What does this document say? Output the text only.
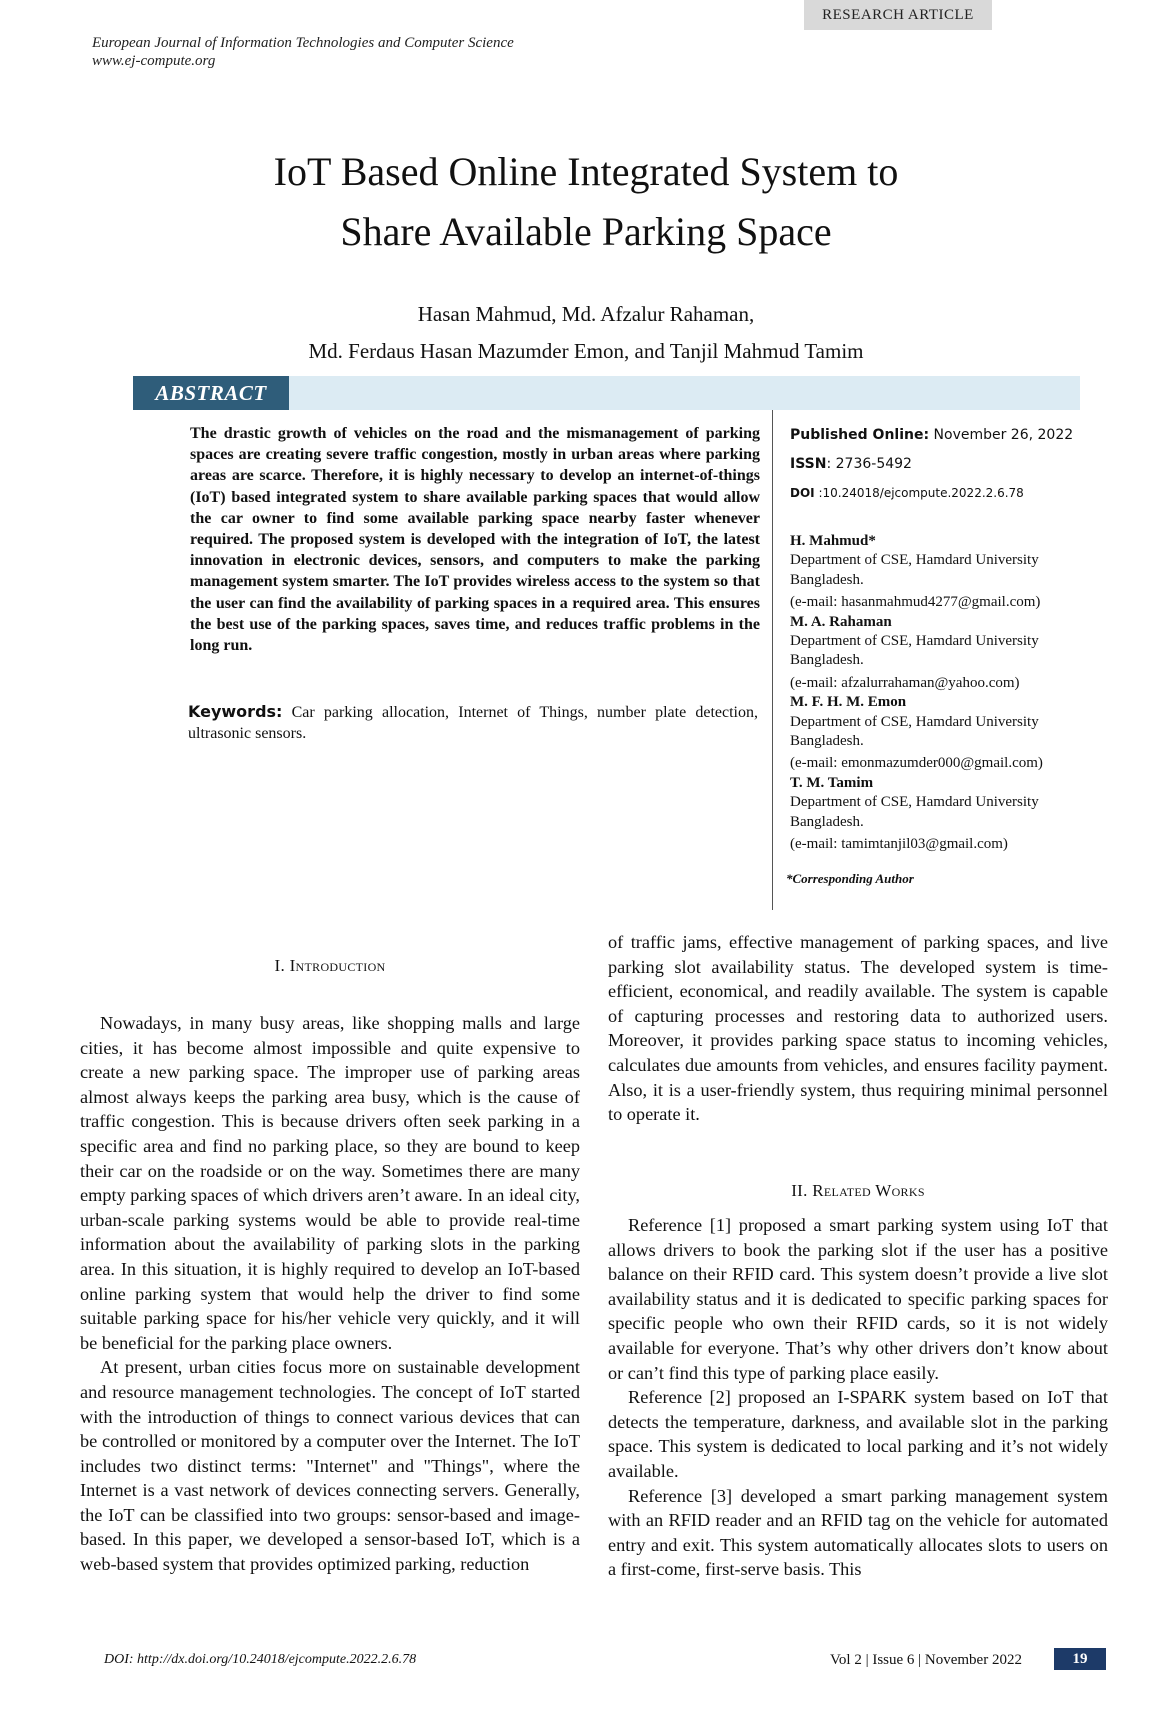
RESEARCH ARTICLE
European Journal of Information Technologies and Computer Science
www.ej-compute.org
IoT Based Online Integrated System to
Share Available Parking Space
Hasan Mahmud, Md. Afzalur Rahaman,
Md. Ferdaus Hasan Mazumder Emon, and Tanjil Mahmud Tamim
ABSTRACT
The drastic growth of vehicles on the road and the mismanagement of parking spaces are creating severe traffic congestion, mostly in urban areas where parking areas are scarce. Therefore, it is highly necessary to develop an internet-of-things (IoT) based integrated system to share available parking spaces that would allow the car owner to find some available parking space nearby faster whenever required. The proposed system is developed with the integration of IoT, the latest innovation in electronic devices, sensors, and computers to make the parking management system smarter. The IoT provides wireless access to the system so that the user can find the availability of parking spaces in a required area. This ensures the best use of the parking spaces, saves time, and reduces traffic problems in the long run.
Keywords: Car parking allocation, Internet of Things, number plate detection, ultrasonic sensors.
Published Online: November 26, 2022
ISSN: 2736-5492
DOI :10.24018/ejcompute.2022.2.6.78
H. Mahmud*
Department of CSE, Hamdard University
Bangladesh.
(e-mail: hasanmahmud4277@gmail.com)
M. A. Rahaman
Department of CSE, Hamdard University
Bangladesh.
(e-mail: afzalurrahaman@yahoo.com)
M. F. H. M. Emon
Department of CSE, Hamdard University
Bangladesh.
(e-mail: emonmazumder000@gmail.com)
T. M. Tamim
Department of CSE, Hamdard University
Bangladesh.
(e-mail: tamimtanjil03@gmail.com)
*Corresponding Author
I. Introduction

Nowadays, in many busy areas, like shopping malls and large cities, it has become almost impossible and quite expensive to create a new parking space. The improper use of parking areas almost always keeps the parking area busy, which is the cause of traffic congestion. This is because drivers often seek parking in a specific area and find no parking place, so they are bound to keep their car on the roadside or on the way. Sometimes there are many empty parking spaces of which drivers aren’t aware. In an ideal city, urban-scale parking systems would be able to provide real-time information about the availability of parking slots in the parking area. In this situation, it is highly required to develop an IoT-based online parking system that would help the driver to find some suitable parking space for his/her vehicle very quickly, and it will be beneficial for the parking place owners.

At present, urban cities focus more on sustainable development and resource management technologies. The concept of IoT started with the introduction of things to connect various devices that can be controlled or monitored by a computer over the Internet. The IoT includes two distinct terms: "Internet" and "Things", where the Internet is a vast network of devices connecting servers. Generally, the IoT can be classified into two groups: sensor-based and image-based. In this paper, we developed a sensor-based IoT, which is a web-based system that provides optimized parking, reduction

of traffic jams, effective management of parking spaces, and live parking slot availability status. The developed system is time-efficient, economical, and readily available. The system is capable of capturing processes and restoring data to authorized users. Moreover, it provides parking space status to incoming vehicles, calculates due amounts from vehicles, and ensures facility payment. Also, it is a user-friendly system, thus requiring minimal personnel to operate it.

II. Related Works

Reference [1] proposed a smart parking system using IoT that allows drivers to book the parking slot if the user has a positive balance on their RFID card. This system doesn’t provide a live slot availability status and it is dedicated to specific parking spaces for specific people who own their RFID cards, so it is not widely available for everyone. That’s why other drivers don’t know about or can’t find this type of parking place easily.

Reference [2] proposed an I-SPARK system based on IoT that detects the temperature, darkness, and available slot in the parking space. This system is dedicated to local parking and it’s not widely available.

Reference [3] developed a smart parking management system with an RFID reader and an RFID tag on the vehicle for automated entry and exit. This system automatically allocates slots to users on a first-come, first-serve basis. This

DOI: http://dx.doi.org/10.24018/ejcompute.2022.2.6.78	Vol 2 | Issue 6 | November 2022	19
